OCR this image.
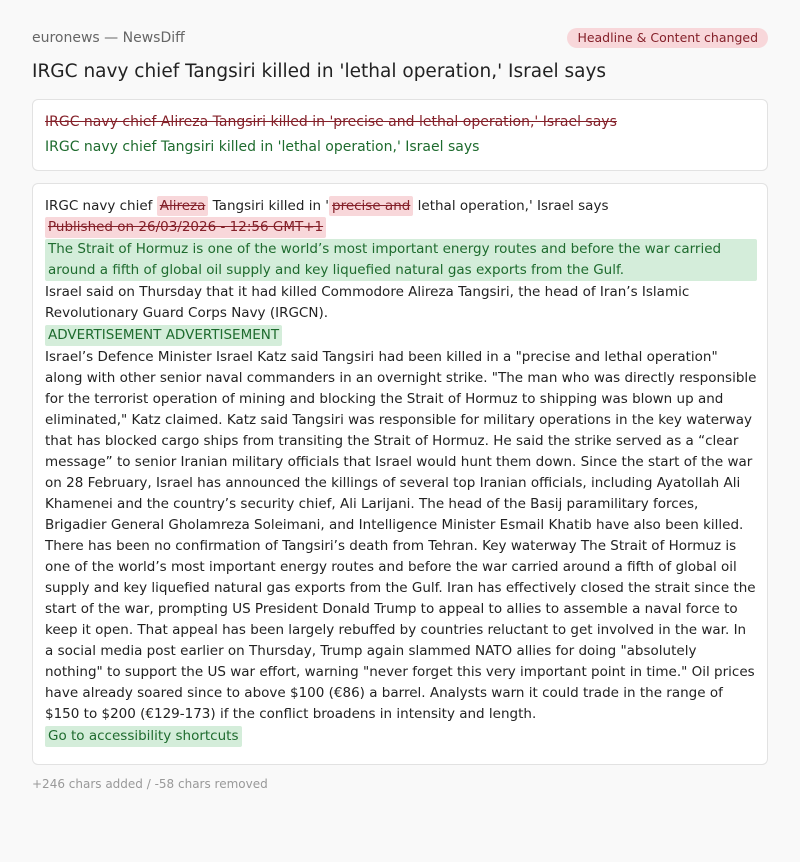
euronews — NewsDiff	Headline & Content changed
IRGC navy chief Tangsiri killed in 'lethal operation,' Israel says
IRGC navy chief Alireza Tangsiri killed in 'precise and lethal operation,' Israel says
IRGC navy chief Tangsiri killed in 'lethal operation,' Israel says
IRGC navy chief Alireza Tangsiri killed in ' precise and lethal operation,' Israel says
Published on 26/03/2026 - 12:56 GMT+1
The Strait of Hormuz is one of the world’s most important energy routes and before the war carried around a fifth of global oil supply and key liquefied natural gas exports from the Gulf.
Israel said on Thursday that it had killed Commodore Alireza Tangsiri, the head of Iran’s Islamic Revolutionary Guard Corps Navy (IRGCN).
ADVERTISEMENT ADVERTISEMENT
Israel’s Defence Minister Israel Katz said Tangsiri had been killed in a "precise and lethal operation" along with other senior naval commanders in an overnight strike. "The man who was directly responsible for the terrorist operation of mining and blocking the Strait of Hormuz to shipping was blown up and eliminated," Katz claimed. Katz said Tangsiri was responsible for military operations in the key waterway that has blocked cargo ships from transiting the Strait of Hormuz. He said the strike served as a “clear message” to senior Iranian military officials that Israel would hunt them down. Since the start of the war on 28 February, Israel has announced the killings of several top Iranian officials, including Ayatollah Ali Khamenei and the country’s security chief, Ali Larijani. The head of the Basij paramilitary forces, Brigadier General Gholamreza Soleimani, and Intelligence Minister Esmail Khatib have also been killed. There has been no confirmation of Tangsiri’s death from Tehran. Key waterway The Strait of Hormuz is one of the world’s most important energy routes and before the war carried around a fifth of global oil supply and key liquefied natural gas exports from the Gulf. Iran has effectively closed the strait since the start of the war, prompting US President Donald Trump to appeal to allies to assemble a naval force to keep it open. That appeal has been largely rebuffed by countries reluctant to get involved in the war. In a social media post earlier on Thursday, Trump again slammed NATO allies for doing "absolutely nothing" to support the US war effort, warning "never forget this very important point in time." Oil prices have already soared since to above $100 (€86) a barrel. Analysts warn it could trade in the range of $150 to $200 (€129-173) if the conflict broadens in intensity and length.
Go to accessibility shortcuts
+246 chars added / -58 chars removed
